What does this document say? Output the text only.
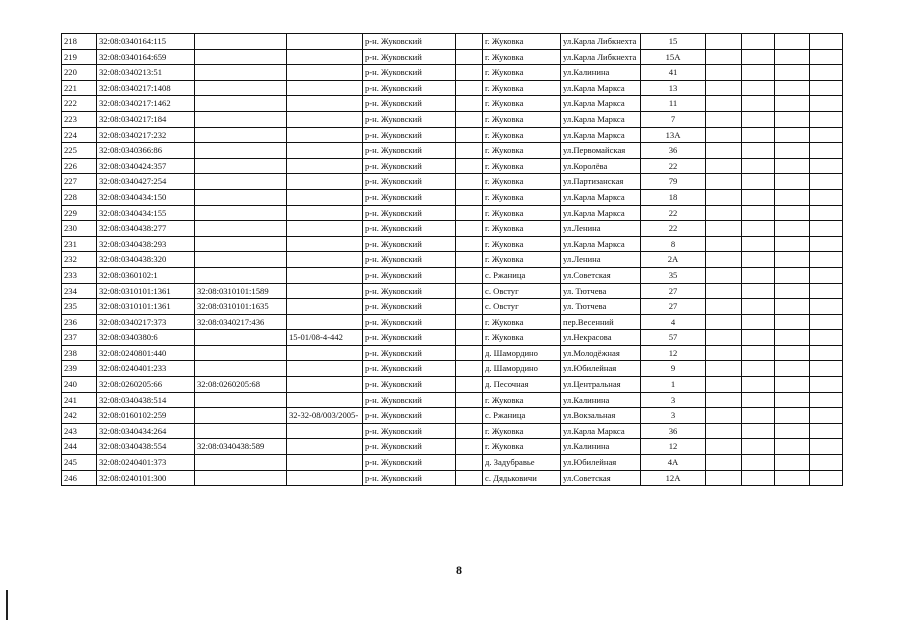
218	32:08:0340164:115			р-н. Жуковский		г. Жуковка	ул.Карла Либкнехта	15				
219	32:08:0340164:659			р-н. Жуковский		г. Жуковка	ул.Карла Либкнехта	15А				
220	32:08:0340213:51			р-н. Жуковский		г. Жуковка	ул.Калинина	41				
221	32:08:0340217:1408			р-н. Жуковский		г. Жуковка	ул.Карла Маркса	13				
222	32:08:0340217:1462			р-н. Жуковский		г. Жуковка	ул.Карла Маркса	11				
223	32:08:0340217:184			р-н. Жуковский		г. Жуковка	ул.Карла Маркса	7				
224	32:08:0340217:232			р-н. Жуковский		г. Жуковка	ул.Карла Маркса	13А				
225	32:08:0340366:86			р-н. Жуковский		г. Жуковка	ул.Первомайская	36				
226	32:08:0340424:357			р-н. Жуковский		г. Жуковка	ул.Королёва	22				
227	32:08:0340427:254			р-н. Жуковский		г. Жуковка	ул.Партизанская	79				
228	32:08:0340434:150			р-н. Жуковский		г. Жуковка	ул.Карла Маркса	18				
229	32:08:0340434:155			р-н. Жуковский		г. Жуковка	ул.Карла Маркса	22				
230	32:08:0340438:277			р-н. Жуковский		г. Жуковка	ул.Ленина	22				
231	32:08:0340438:293			р-н. Жуковский		г. Жуковка	ул.Карла Маркса	8				
232	32:08:0340438:320			р-н. Жуковский		г. Жуковка	ул.Ленина	2А				
233	32:08:0360102:1			р-н. Жуковский		с. Ржаница	ул.Советская	35				
234	32:08:0310101:1361	32:08:0310101:1589		р-н. Жуковский		с. Овстуг	ул. Тютчева	27				
235	32:08:0310101:1361	32:08:0310101:1635		р-н. Жуковский		с. Овстуг	ул. Тютчева	27				
236	32:08:0340217:373	32:08:0340217:436		р-н. Жуковский		г. Жуковка	пер.Весенний	4				
237	32:08:0340380:6		15-01/08-4-442	р-н. Жуковский		г. Жуковка	ул.Некрасова	57				
238	32:08:0240801:440			р-н. Жуковский		д. Шамордино	ул.Молодёжная	12				
239	32:08:0240401:233			р-н. Жуковский		д. Шамордино	ул.Юбилейная	9				
240	32:08:0260205:66	32:08:0260205:68		р-н. Жуковский		д. Песочная	ул.Центральная	1				
241	32:08:0340438:514			р-н. Жуковский		г. Жуковка	ул.Калинина	3				
242	32:08:0160102:259		32-32-08/003/2005-	р-н. Жуковский		с. Ржаница	ул.Вокзальная	3				
243	32:08:0340434:264			р-н. Жуковский		г. Жуковка	ул.Карла Маркса	36				
244	32:08:0340438:554	32:08:0340438:589		р-н. Жуковский		г. Жуковка	ул.Калинина	12				
245	32:08:0240401:373			р-н. Жуковский		д. Задубравье	ул.Юбилейная	4А				
246	32:08:0240101:300			р-н. Жуковский		с. Дядьковичи	ул.Советская	12А				
8
